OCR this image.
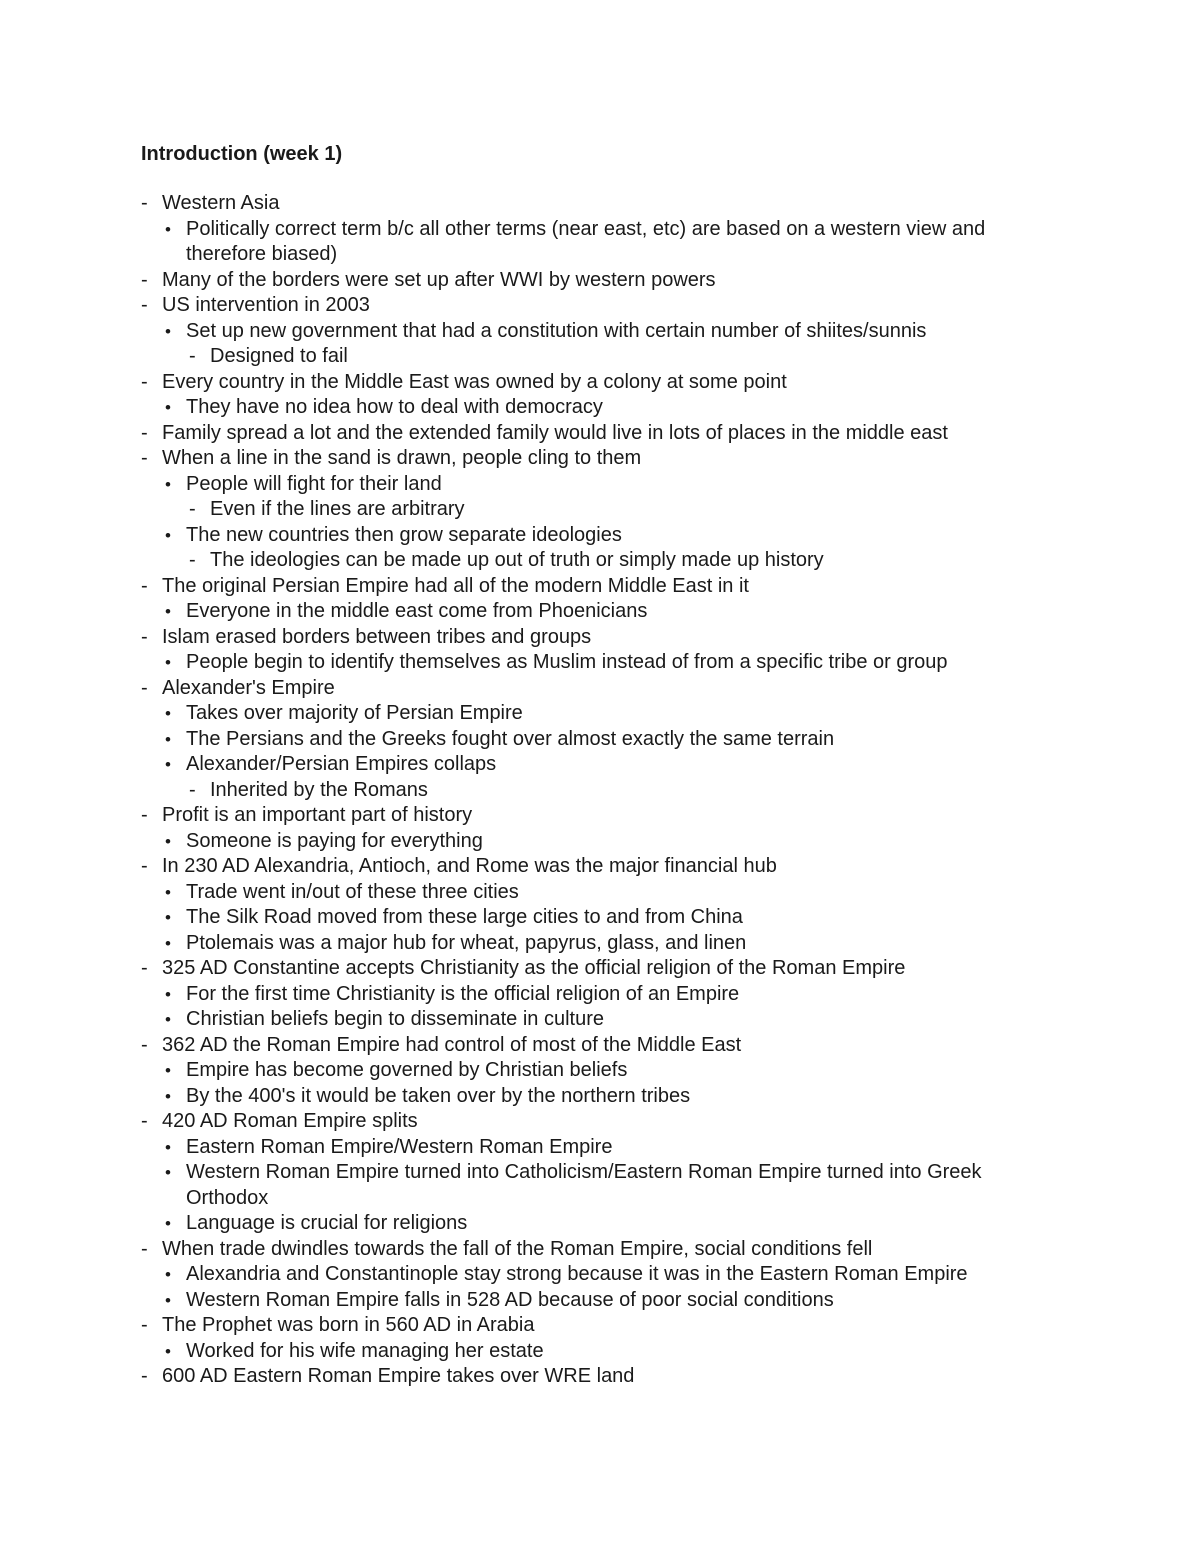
Introduction (week 1)
- Western Asia
• Politically correct term b/c all other terms (near east, etc) are based on a western view and therefore biased)
- Many of the borders were set up after WWI by western powers
- US intervention in 2003
• Set up new government that had a constitution with certain number of shiites/sunnis
- Designed to fail
- Every country in the Middle East was owned by a colony at some point
• They have no idea how to deal with democracy
- Family spread a lot and the extended family would live in lots of places in the middle east
- When a line in the sand is drawn, people cling to them
• People will fight for their land
- Even if the lines are arbitrary
• The new countries then grow separate ideologies
- The ideologies can be made up out of truth or simply made up history
- The original Persian Empire had all of the modern Middle East in it
• Everyone in the middle east come from Phoenicians
- Islam erased borders between tribes and groups
• People begin to identify themselves as Muslim instead of from a specific tribe or group
- Alexander's Empire
• Takes over majority of Persian Empire
• The Persians and the Greeks fought over almost exactly the same terrain
• Alexander/Persian Empires collaps
- Inherited by the Romans
- Profit is an important part of history
• Someone is paying for everything
- In 230 AD Alexandria, Antioch, and Rome was the major financial hub
• Trade went in/out of these three cities
• The Silk Road moved from these large cities to and from China
• Ptolemais was a major hub for wheat, papyrus, glass, and linen
- 325 AD Constantine accepts Christianity as the official religion of the Roman Empire
• For the first time Christianity is the official religion of an Empire
• Christian beliefs begin to disseminate in culture
- 362 AD the Roman Empire had control of most of the Middle East
• Empire has become governed by Christian beliefs
• By the 400's it would be taken over by the northern tribes
- 420 AD Roman Empire splits
• Eastern Roman Empire/Western Roman Empire
• Western Roman Empire turned into Catholicism/Eastern Roman Empire turned into Greek Orthodox
• Language is crucial for religions
- When trade dwindles towards the fall of the Roman Empire, social conditions fell
• Alexandria and Constantinople stay strong because it was in the Eastern Roman Empire
• Western Roman Empire falls in 528 AD because of poor social conditions
- The Prophet was born in 560 AD in Arabia
• Worked for his wife managing her estate
- 600 AD Eastern Roman Empire takes over WRE land
